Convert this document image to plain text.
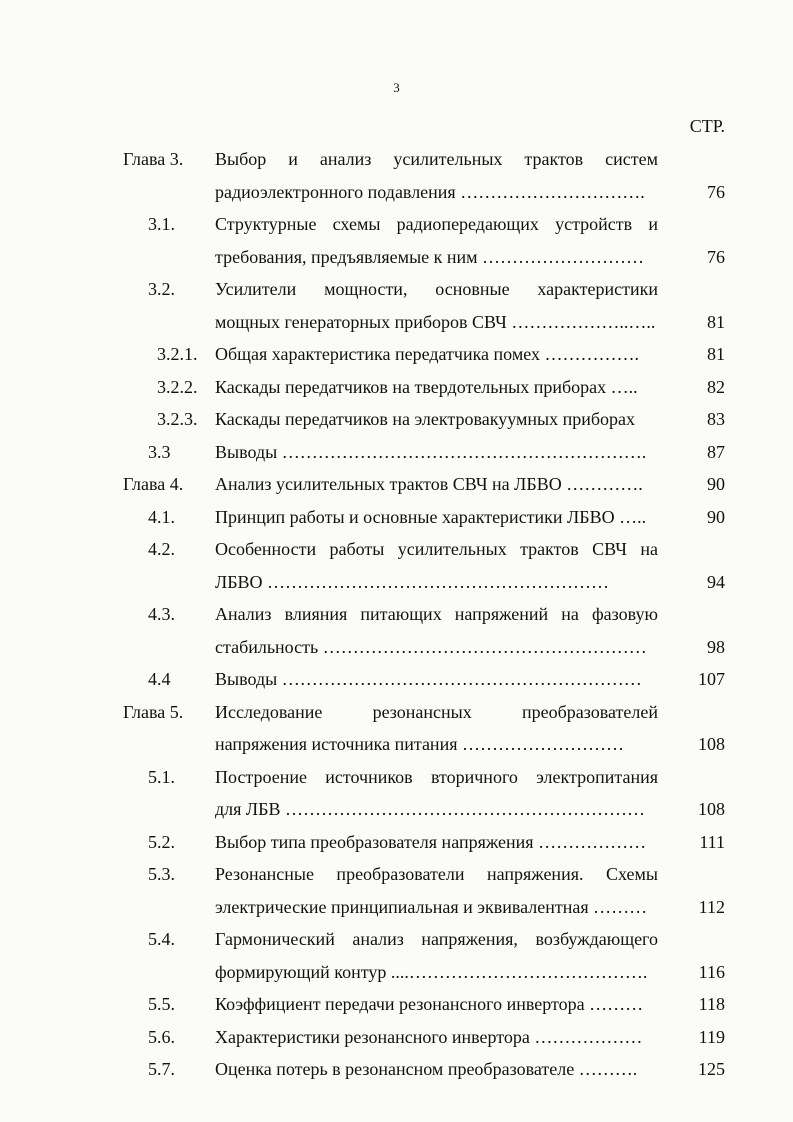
3
СТР.
Глава 3. Выбор и анализ усилительных трактов систем
радиоэлектронного подавления ………………………….	76
3.1. Структурные схемы радиопередающих устройств и
требования, предъявляемые к ним ………………………	76
3.2. Усилители мощности, основные характеристики
мощных генераторных приборов СВЧ ………………..…..	81
3.2.1. Общая характеристика передатчика помех …………….	81
3.2.2. Каскады передатчиков на твердотельных приборах …..	82
3.2.3. Каскады передатчиков на электровакуумных приборах	83
3.3 Выводы …………………………………………………….	87
Глава 4. Анализ усилительных трактов СВЧ на ЛБВО ………….	90
4.1. Принцип работы и основные характеристики ЛБВО …..	90
4.2. Особенности работы усилительных трактов СВЧ на
ЛБВО …………………………………………………	94
4.3. Анализ влияния питающих напряжений на фазовую
стабильность ………………………………………………	98
4.4 Выводы ……………………………………………………	107
Глава 5. Исследование резонансных преобразователей
напряжения источника питания ………………………	108
5.1. Построение источников вторичного электропитания
для ЛБВ ……………………………………………………	108
5.2. Выбор типа преобразователя напряжения ………………	111
5.3. Резонансные преобразователи напряжения. Схемы
электрические принципиальная и эквивалентная ………	112
5.4. Гармонический анализ напряжения, возбуждающего
формирующий контур ....………………………………….	116
5.5. Коэффициент передачи резонансного инвертора ………	118
5.6. Характеристики резонансного инвертора ………………	119
5.7. Оценка потерь в резонансном преобразователе ……….	125
